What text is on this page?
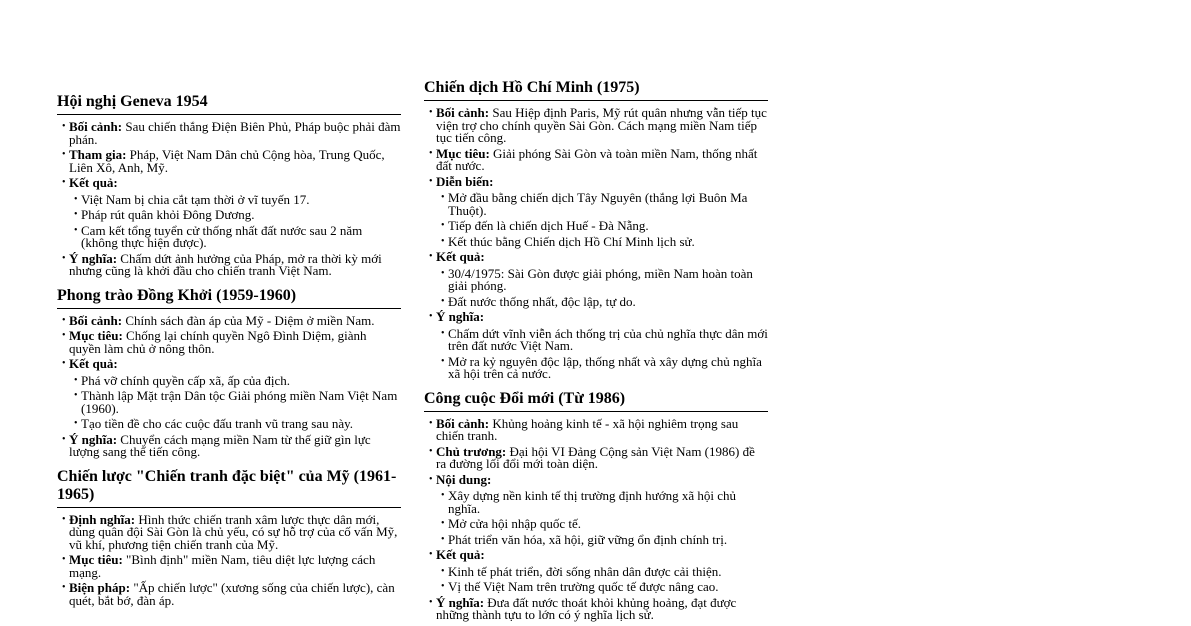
Hội nghị Geneva 1954
• Bối cảnh: Sau chiến thắng Điện Biên Phủ, Pháp buộc phải đàm phán.
• Tham gia: Pháp, Việt Nam Dân chủ Cộng hòa, Trung Quốc, Liên Xô, Anh, Mỹ.
• Kết quả:
• Việt Nam bị chia cắt tạm thời ở vĩ tuyến 17.
• Pháp rút quân khỏi Đông Dương.
• Cam kết tổng tuyển cử thống nhất đất nước sau 2 năm (không thực hiện được).
• Ý nghĩa: Chấm dứt ảnh hưởng của Pháp, mở ra thời kỳ mới nhưng cũng là khởi đầu cho chiến tranh Việt Nam.
Phong trào Đồng Khởi (1959-1960)
• Bối cảnh: Chính sách đàn áp của Mỹ - Diệm ở miền Nam.
• Mục tiêu: Chống lại chính quyền Ngô Đình Diệm, giành quyền làm chủ ở nông thôn.
• Kết quả:
• Phá vỡ chính quyền cấp xã, ấp của địch.
• Thành lập Mặt trận Dân tộc Giải phóng miền Nam Việt Nam (1960).
• Tạo tiền đề cho các cuộc đấu tranh vũ trang sau này.
• Ý nghĩa: Chuyển cách mạng miền Nam từ thế giữ gìn lực lượng sang thế tiến công.
Chiến lược "Chiến tranh đặc biệt" của Mỹ (1961-1965)
• Định nghĩa: Hình thức chiến tranh xâm lược thực dân mới, dùng quân đội Sài Gòn là chủ yếu, có sự hỗ trợ của cố vấn Mỹ, vũ khí, phương tiện chiến tranh của Mỹ.
• Mục tiêu: "Bình định" miền Nam, tiêu diệt lực lượng cách mạng.
• Biện pháp: "Ấp chiến lược" (xương sống của chiến lược), càn quét, bắt bớ, đàn áp.
Chiến dịch Hồ Chí Minh (1975)
• Bối cảnh: Sau Hiệp định Paris, Mỹ rút quân nhưng vẫn tiếp tục viện trợ cho chính quyền Sài Gòn. Cách mạng miền Nam tiếp tục tiến công.
• Mục tiêu: Giải phóng Sài Gòn và toàn miền Nam, thống nhất đất nước.
• Diễn biến:
• Mở đầu bằng chiến dịch Tây Nguyên (thắng lợi Buôn Ma Thuột).
• Tiếp đến là chiến dịch Huế - Đà Nẵng.
• Kết thúc bằng Chiến dịch Hồ Chí Minh lịch sử.
• Kết quả:
• 30/4/1975: Sài Gòn được giải phóng, miền Nam hoàn toàn giải phóng.
• Đất nước thống nhất, độc lập, tự do.
• Ý nghĩa:
• Chấm dứt vĩnh viễn ách thống trị của chủ nghĩa thực dân mới trên đất nước Việt Nam.
• Mở ra kỷ nguyên độc lập, thống nhất và xây dựng chủ nghĩa xã hội trên cả nước.
Công cuộc Đổi mới (Từ 1986)
• Bối cảnh: Khủng hoảng kinh tế - xã hội nghiêm trọng sau chiến tranh.
• Chủ trương: Đại hội VI Đảng Cộng sản Việt Nam (1986) đề ra đường lối đổi mới toàn diện.
• Nội dung:
• Xây dựng nền kinh tế thị trường định hướng xã hội chủ nghĩa.
• Mở cửa hội nhập quốc tế.
• Phát triển văn hóa, xã hội, giữ vững ổn định chính trị.
• Kết quả:
• Kinh tế phát triển, đời sống nhân dân được cải thiện.
• Vị thế Việt Nam trên trường quốc tế được nâng cao.
• Ý nghĩa: Đưa đất nước thoát khỏi khủng hoảng, đạt được những thành tựu to lớn có ý nghĩa lịch sử.
